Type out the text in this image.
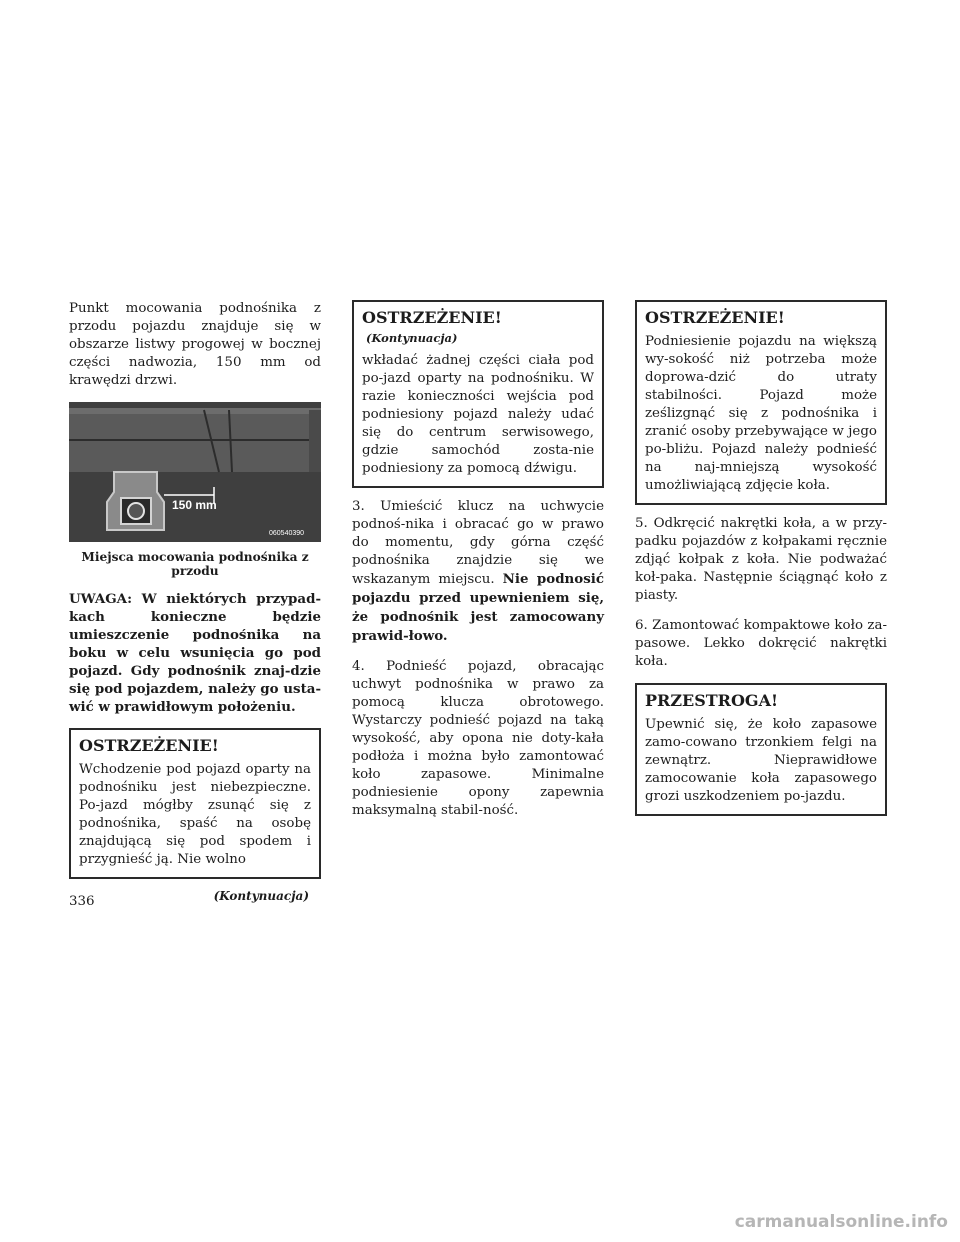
Punkt mocowania podnośnika z przodu pojazdu znajduje się w obszarze listwy progowej w bocznej części nadwozia, 150 mm od krawędzi drzwi.

150 mm
060540390
Miejsca mocowania podnośnika z przodu

UWAGA: W niektórych przypad-kach konieczne będzie umieszczenie podnośnika na boku w celu wsunięcia go pod pojazd. Gdy podnośnik znaj-dzie się pod pojazdem, należy go usta-wić w prawidłowym położeniu.

OSTRZEŻENIE!

Wchodzenie pod pojazd oparty na podnośniku jest niebezpieczne. Po-jazd mógłby zsunąć się z podnośnika, spaść na osobę znajdującą się pod spodem i przygnieść ją. Nie wolno

(Kontynuacja)
OSTRZEŻENIE!(Kontynuacja)

wkładać żadnej części ciała pod po-jazd oparty na podnośniku. W razie konieczności wejścia pod podniesiony pojazd należy udać się do centrum serwisowego, gdzie samochód zosta-nie podniesiony za pomocą dźwigu.

3. Umieścić klucz na uchwycie podnoś-nika i obracać go w prawo do momentu, gdy górna część podnośnika znajdzie się we wskazanym miejscu. Nie podnosić pojazdu przed upewnieniem się, że podnośnik jest zamocowany prawid-łowo.

4. Podnieść pojazd, obracając uchwyt podnośnika w prawo za pomocą klucza obrotowego. Wystarczy podnieść pojazd na taką wysokość, aby opona nie doty-kała podłoża i można było zamontować koło zapasowe. Minimalne podniesienie opony zapewnia maksymalną stabil-ność.

OSTRZEŻENIE!

Podniesienie pojazdu na większą wy-sokość niż potrzeba może doprowa-dzić do utraty stabilności. Pojazd może ześlizgnąć się z podnośnika i zranić osoby przebywające w jego po-bliżu. Pojazd należy podnieść na naj-mniejszą wysokość umożliwiającą zdjęcie koła.

5. Odkręcić nakrętki koła, a w przy-padku pojazdów z kołpakami ręcznie zdjąć kołpak z koła. Nie podważać koł-paka. Następnie ściągnąć koło z piasty.

6. Zamontować kompaktowe koło za-pasowe. Lekko dokręcić nakrętki koła.

PRZESTROGA!

Upewnić się, że koło zapasowe zamo-cowano trzonkiem felgi na zewnątrz. Nieprawidłowe zamocowanie koła zapasowego grozi uszkodzeniem po-jazdu.

336
carmanualsonline.info
